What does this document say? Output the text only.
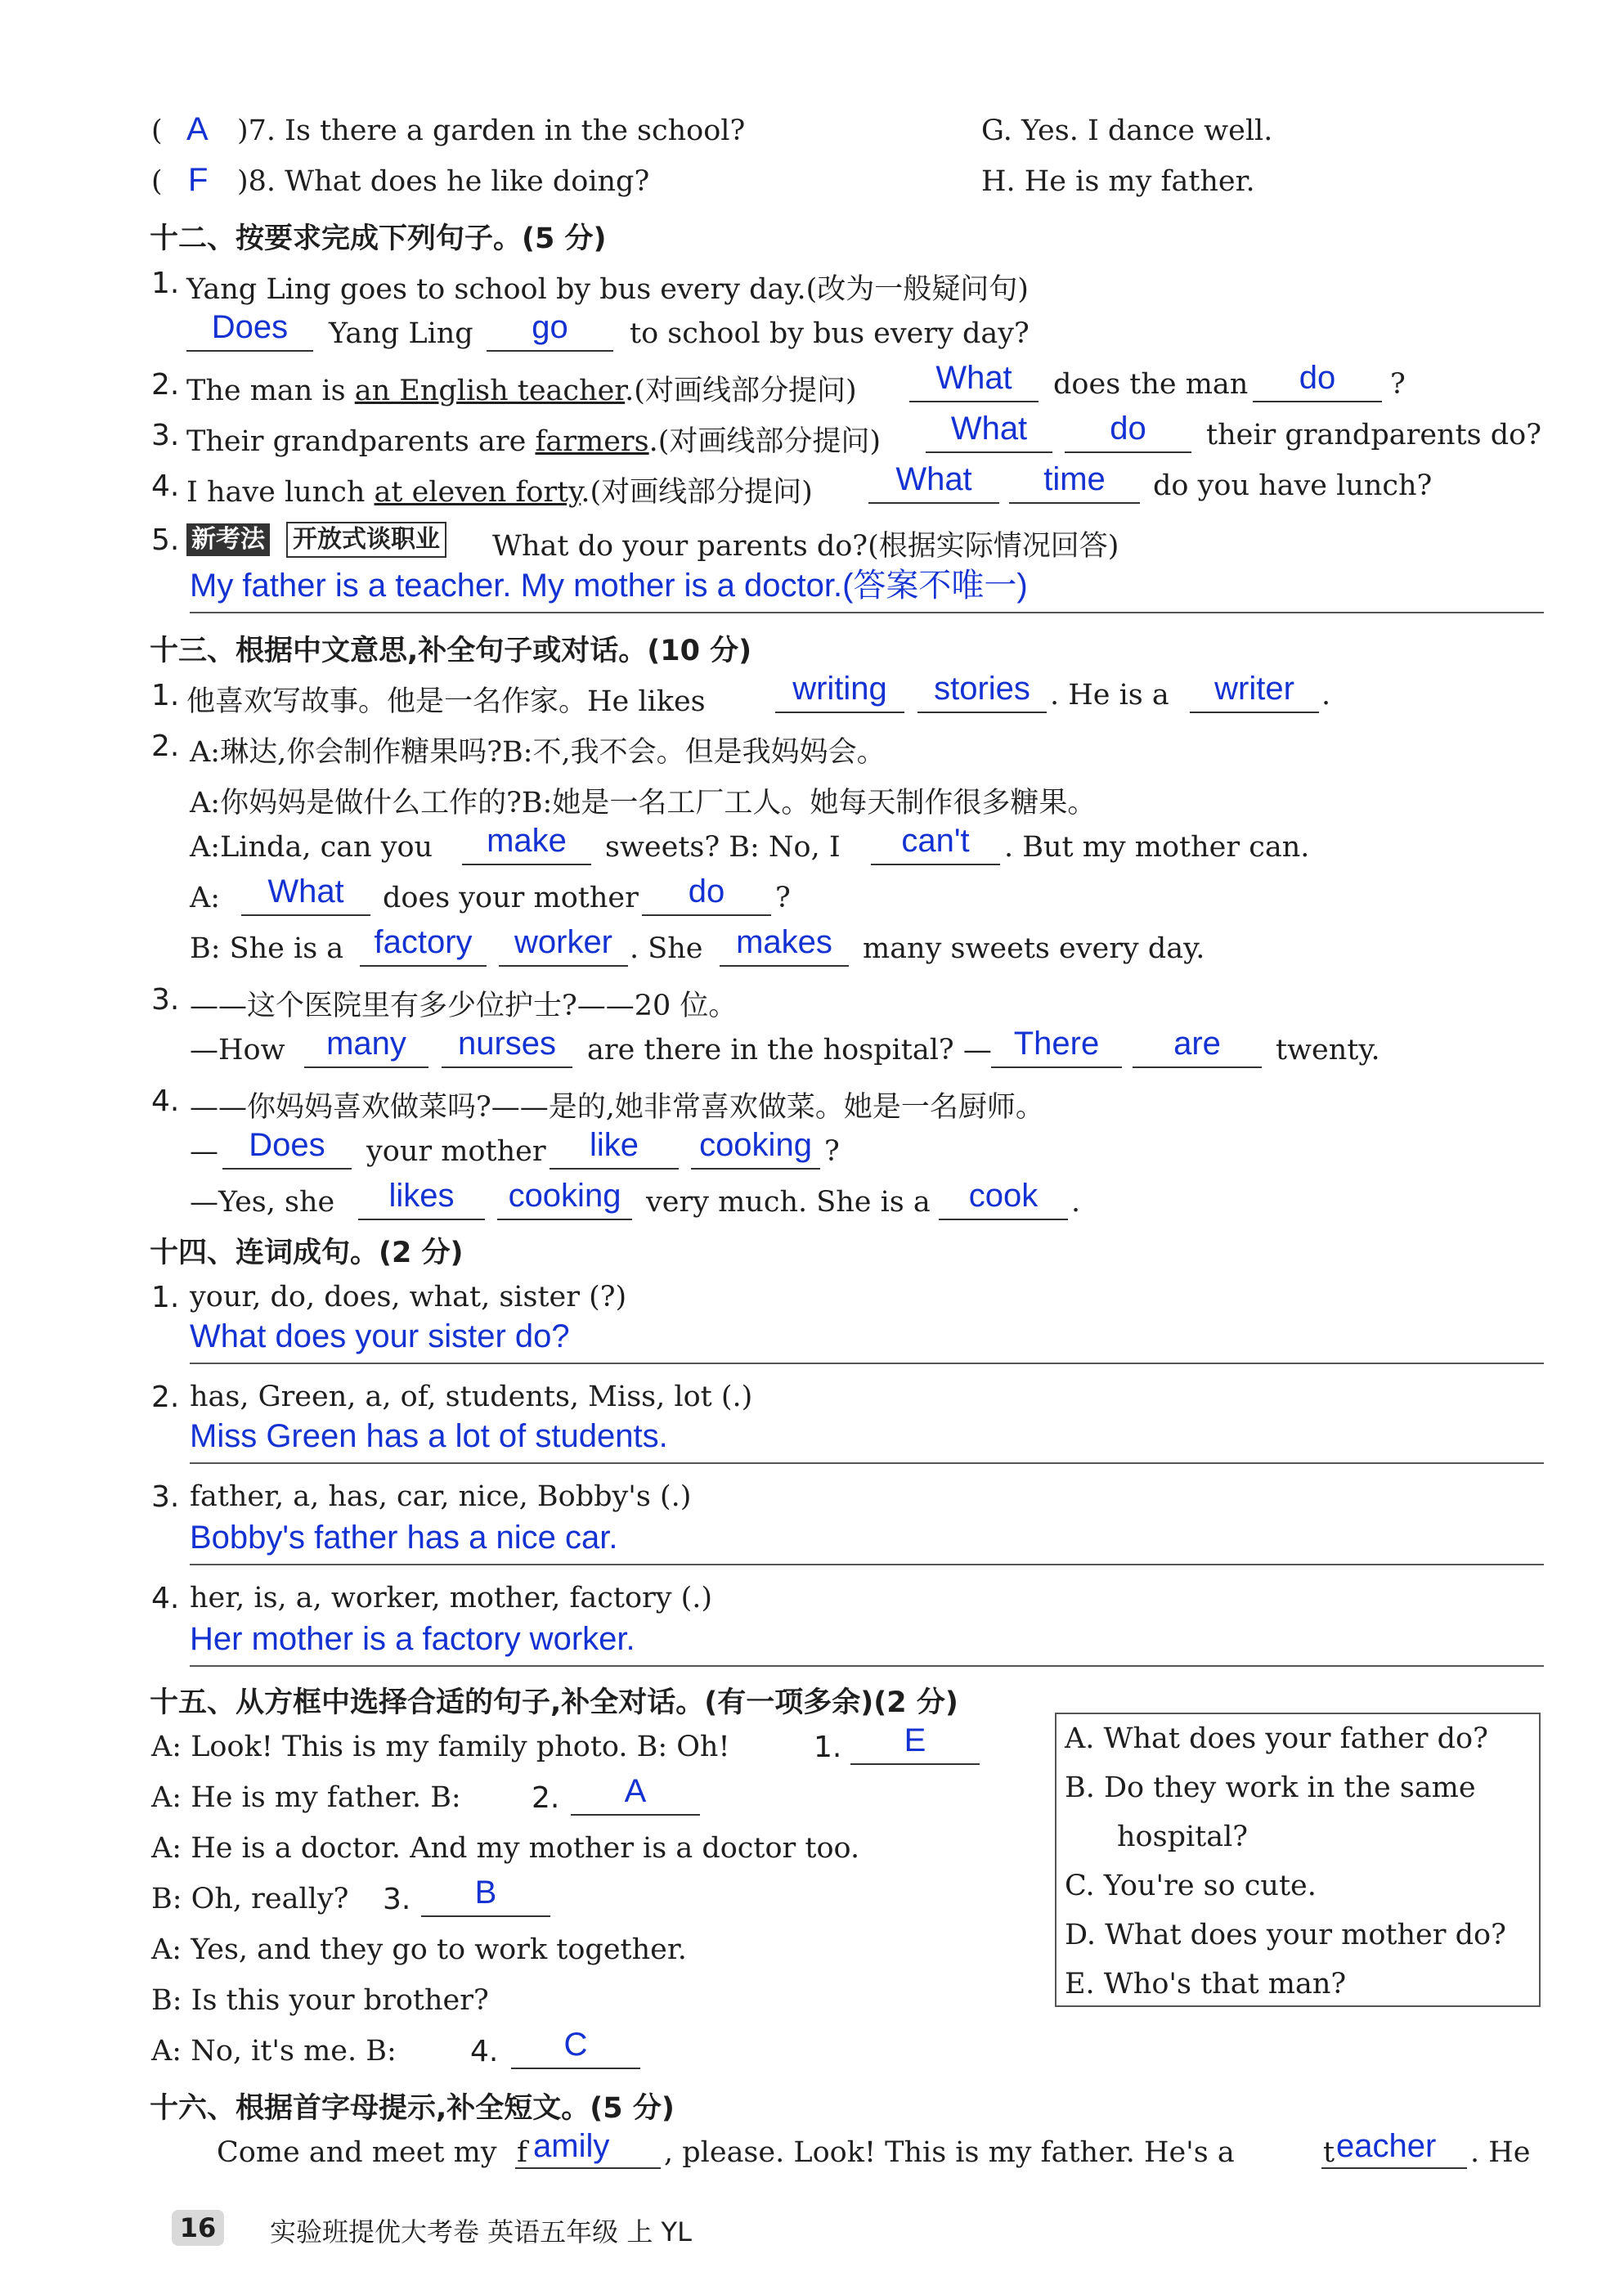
( A )7. Is there a garden in the school?	G. Yes. I dance well.
( F )8. What does he like doing?	H. He is my father.
十二、按要求完成下列句子。(5 分)
1. Yang Ling goes to school by bus every day.(改为一般疑问句)
Does	Yang Ling	go	to school by bus every day?
2. The man is an English teacher.(对画线部分提问)	What	does the man	do	?
3. Their grandparents are farmers.(对画线部分提问)	What	do	their grandparents do?
4. I have lunch at eleven forty.(对画线部分提问)	What	time	do you have lunch?
5. 新考法 开放式谈职业 What do your parents do?(根据实际情况回答)
My father is a teacher. My mother is a doctor.(答案不唯一)
十三、根据中文意思,补全句子或对话。(10 分)
1. 他喜欢写故事。他是一名作家。He likes	writing	stories . He is a	writer .
2. A:琳达,你会制作糖果吗?B:不,我不会。但是我妈妈会。
A:你妈妈是做什么工作的?B:她是一名工厂工人。她每天制作很多糖果。
A:Linda, can you	make	sweets? B: No, I	can't	. But my mother can.
A:	What	does your mother	do	?
B: She is a factory	worker . She	makes	many sweets every day.
3. ——这个医院里有多少位护士?——20 位。
—How	many	nurses	are there in the hospital? — There	are	twenty.
4. ——你妈妈喜欢做菜吗?——是的,她非常喜欢做菜。她是一名厨师。
— Does	your mother	like	cooking ?
—Yes, she	likes	cooking very much. She is a	cook	.
十四、连词成句。(2 分)
1. your, do, does, what, sister (?)
What does your sister do?
2. has, Green, a, of, students, Miss, lot (.)
Miss Green has a lot of students.
3. father, a, has, car, nice, Bobby's (.)
Bobby's father has a nice car.
4. her, is, a, worker, mother, factory (.)
Her mother is a factory worker.
十五、从方框中选择合适的句子,补全对话。(有一项多余)(2 分)
A: Look! This is my family photo. B: Oh!	1.	E
A: He is my father. B: 2.	A
A: He is a doctor. And my mother is a doctor too.
B: Oh, really? 3.	B
A: Yes, and they go to work together.
B: Is this your brother?
A: No, it's me. B:	4.	C
A. What does your father do?
B. Do they work in the same
hospital?
C. You're so cute.
D. What does your mother do?
E. Who's that man?
十六、根据首字母提示,补全短文。(5 分)
Come and meet my f amily	, please. Look! This is my father. He's a	t eacher	. He
16	实验班提优大考卷 英语五年级 上 YL
